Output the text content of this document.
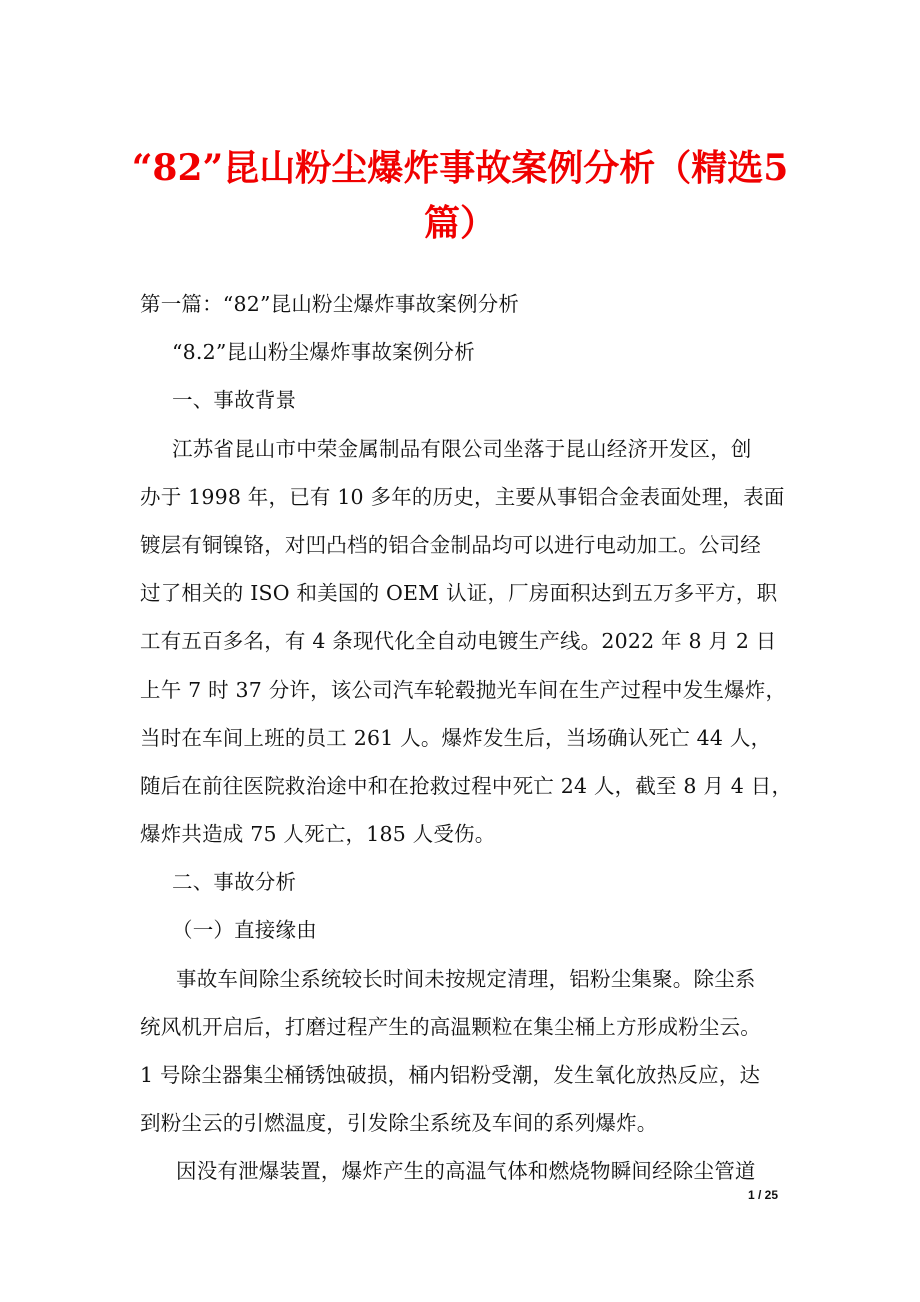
“82”昆山粉尘爆炸事故案例分析（精选5
篇）
第一篇：“82”昆山粉尘爆炸事故案例分析
“8.2”昆山粉尘爆炸事故案例分析
一、事故背景
江苏省昆山市中荣金属制品有限公司坐落于昆山经济开发区，创
办于 1998 年，已有 10 多年的历史，主要从事铝合金表面处理，表面
镀层有铜镍铬，对凹凸档的铝合金制品均可以进行电动加工。公司经
过了相关的 ISO 和美国的 OEM 认证，厂房面积达到五万多平方，职
工有五百多名，有 4 条现代化全自动电镀生产线。2022 年 8 月 2 日
上午 7 时 37 分许，该公司汽车轮毂抛光车间在生产过程中发生爆炸，
当时在车间上班的员工 261 人。爆炸发生后，当场确认死亡 44 人，
随后在前往医院救治途中和在抢救过程中死亡 24 人，截至 8 月 4 日，
爆炸共造成 75 人死亡，185 人受伤。
二、事故分析
（一）直接缘由
事故车间除尘系统较长时间未按规定清理，铝粉尘集聚。除尘系
统风机开启后，打磨过程产生的高温颗粒在集尘桶上方形成粉尘云。
1 号除尘器集尘桶锈蚀破损，桶内铝粉受潮，发生氧化放热反应，达
到粉尘云的引燃温度，引发除尘系统及车间的系列爆炸。
因没有泄爆装置，爆炸产生的高温气体和燃烧物瞬间经除尘管道
1 / 25
